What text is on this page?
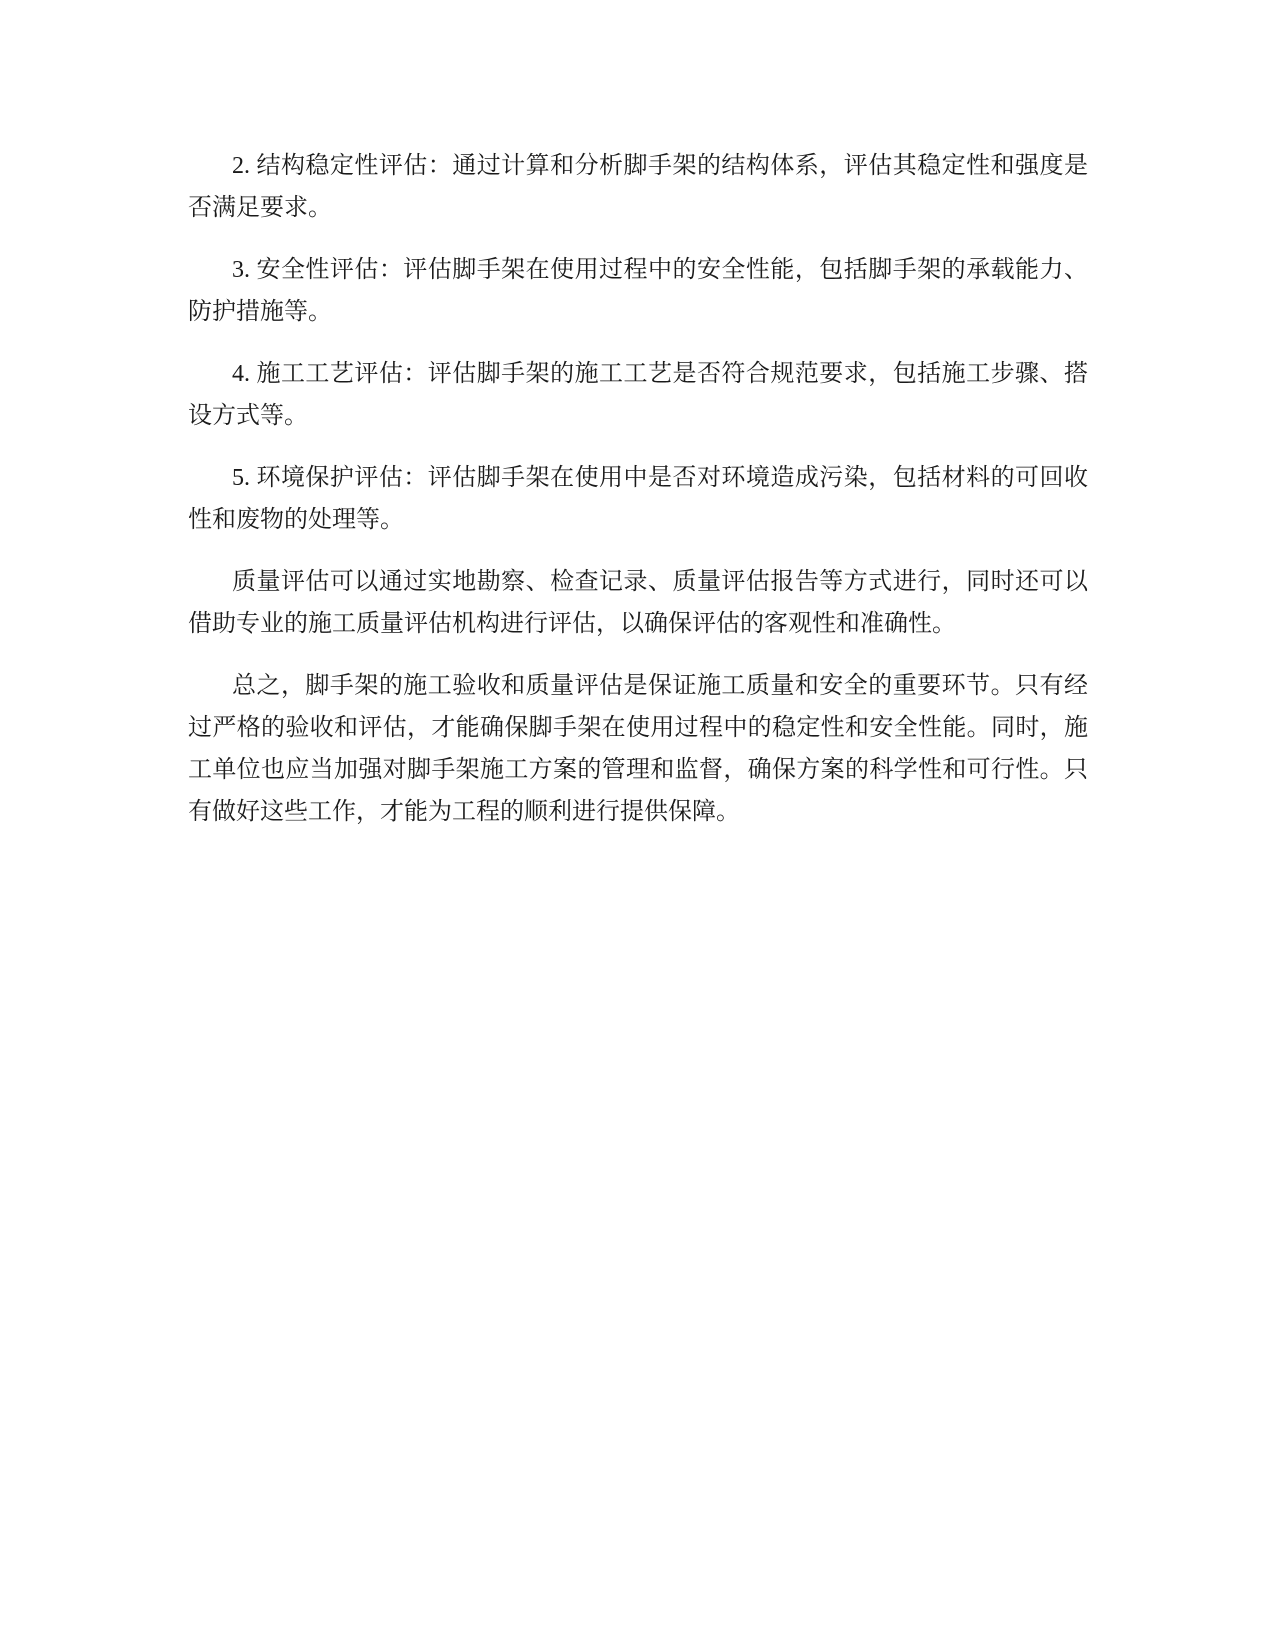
2. 结构稳定性评估：通过计算和分析脚手架的结构体系，评估其稳定性和强度是否满足要求。

3. 安全性评估：评估脚手架在使用过程中的安全性能，包括脚手架的承载能力、防护措施等。

4. 施工工艺评估：评估脚手架的施工工艺是否符合规范要求，包括施工步骤、搭设方式等。

5. 环境保护评估：评估脚手架在使用中是否对环境造成污染，包括材料的可回收性和废物的处理等。

质量评估可以通过实地勘察、检查记录、质量评估报告等方式进行，同时还可以借助专业的施工质量评估机构进行评估，以确保评估的客观性和准确性。

总之，脚手架的施工验收和质量评估是保证施工质量和安全的重要环节。只有经过严格的验收和评估，才能确保脚手架在使用过程中的稳定性和安全性能。同时，施工单位也应当加强对脚手架施工方案的管理和监督，确保方案的科学性和可行性。只有做好这些工作，才能为工程的顺利进行提供保障。
